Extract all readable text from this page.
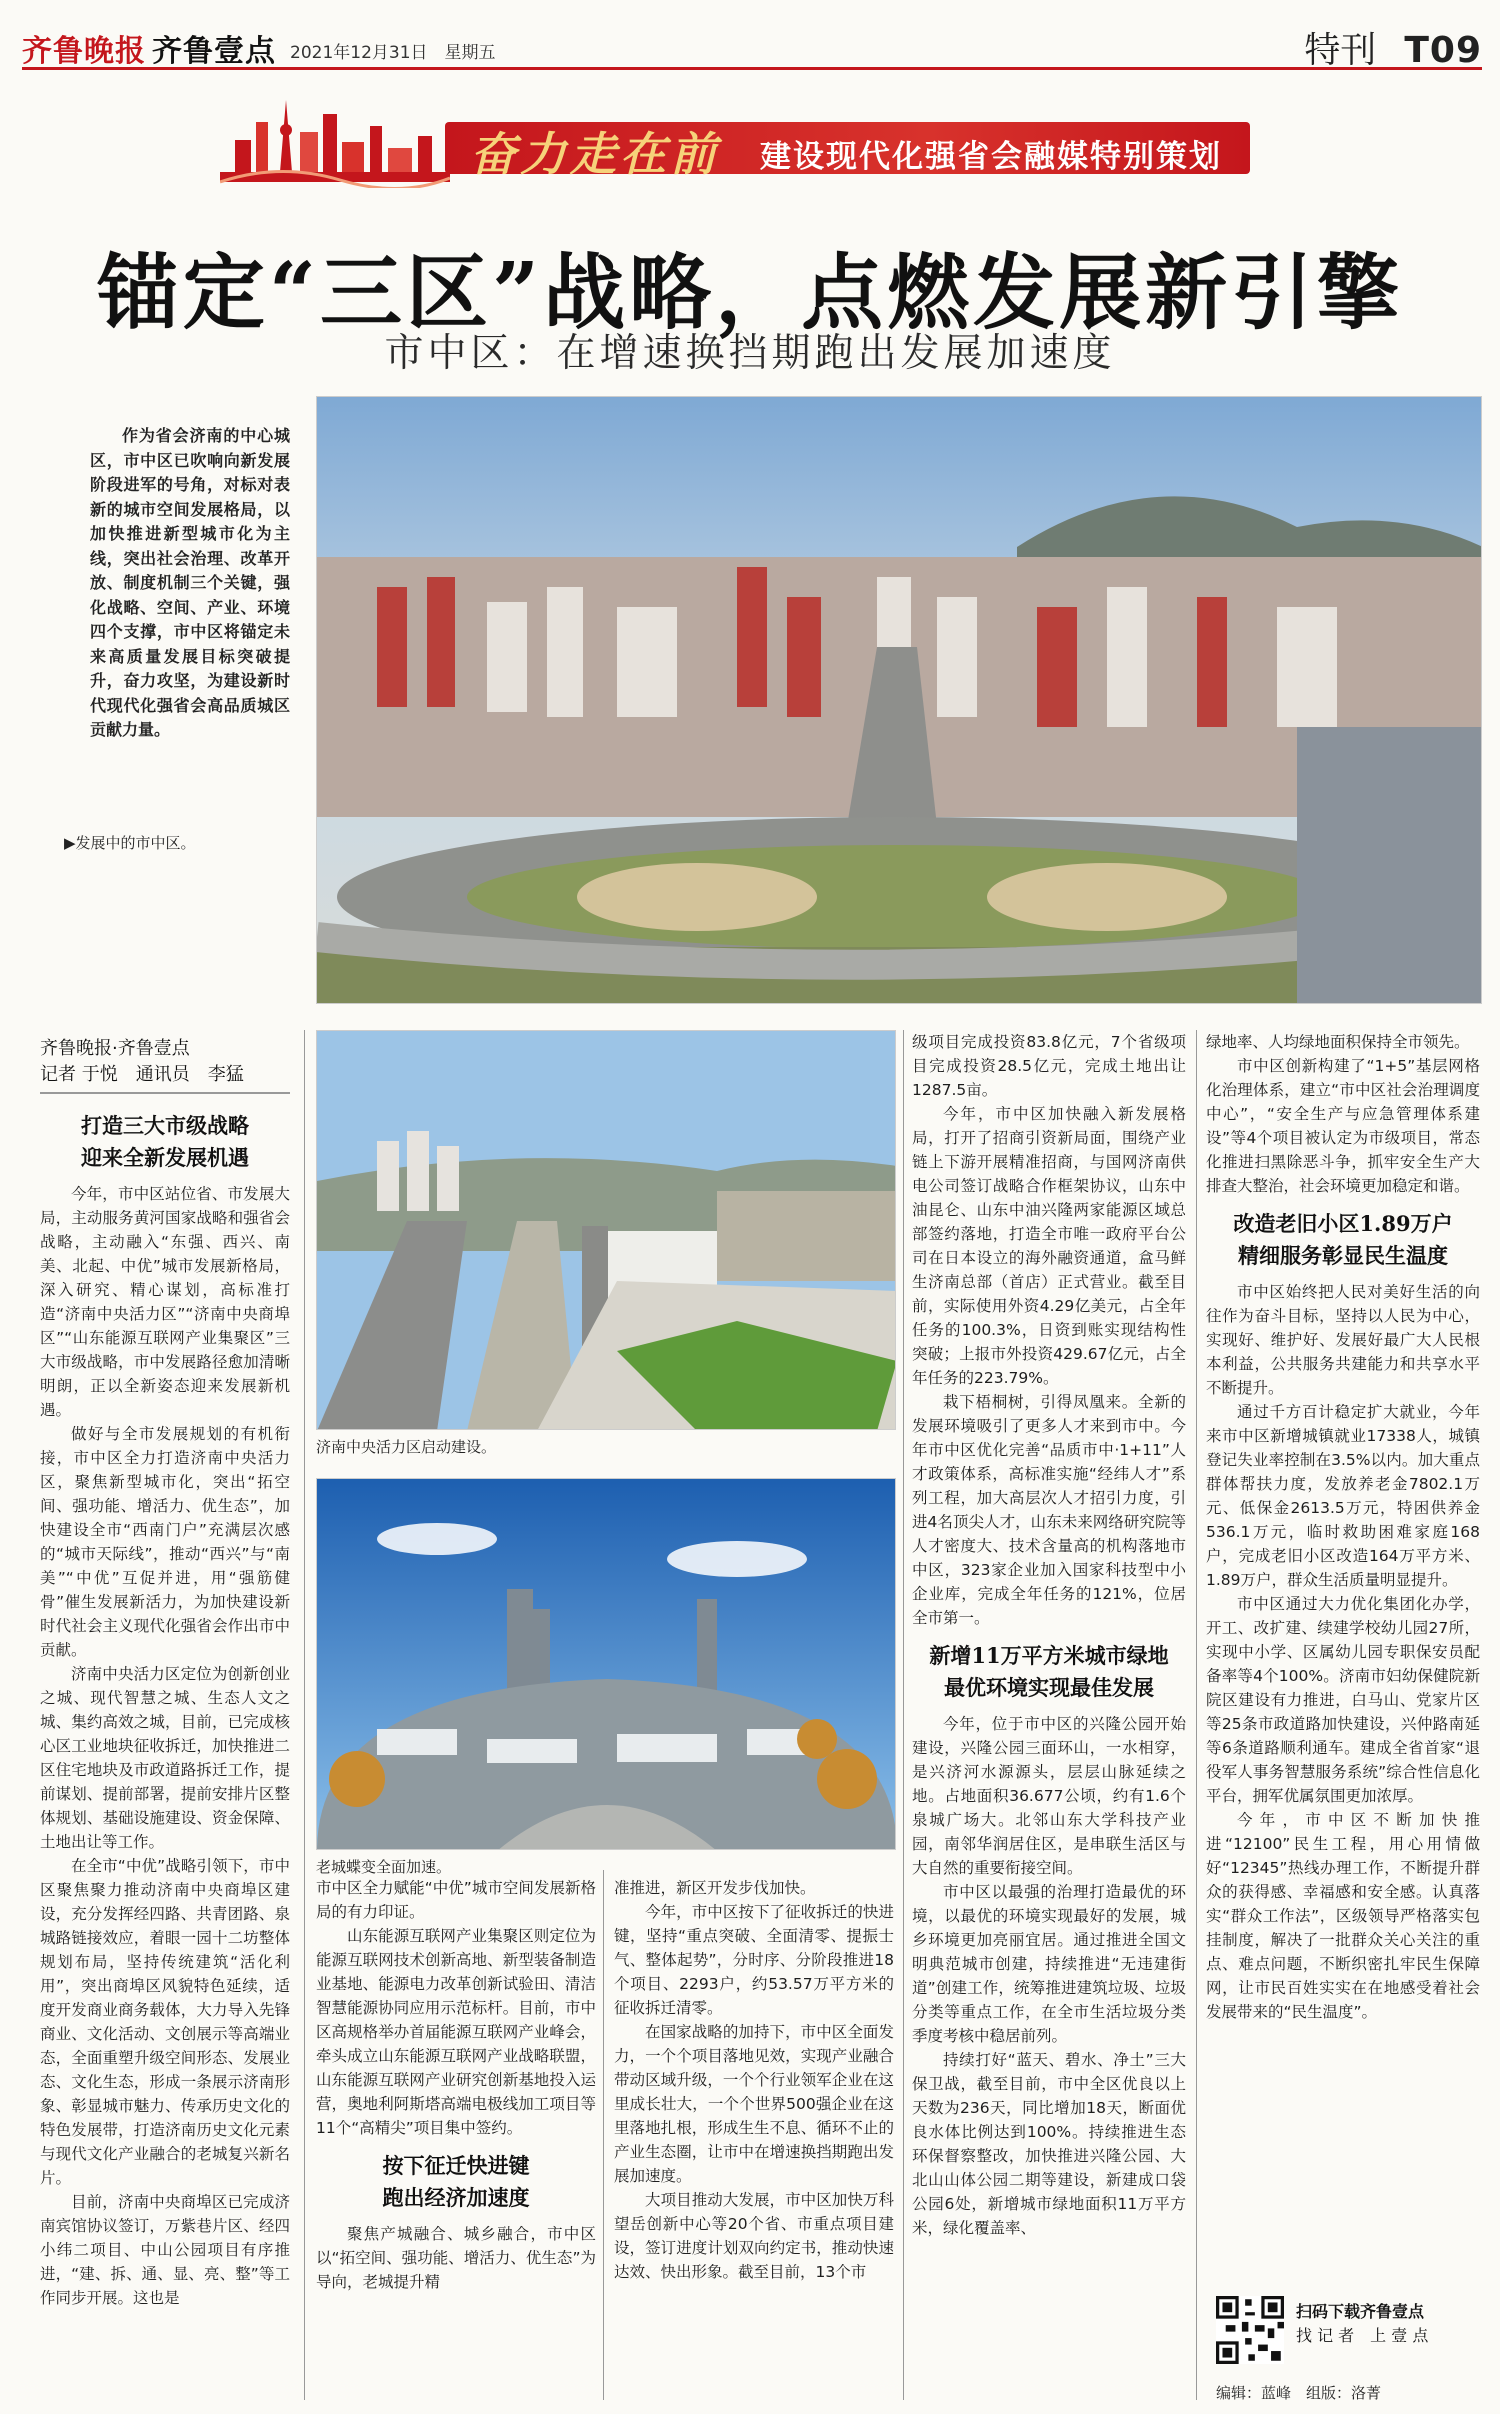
齐鲁晚报 齐鲁壹点 2021年12月31日　星期五	特刊 T09
奋力走在前 建设现代化强省会融媒特别策划
锚定“三区”战略，点燃发展新引擎
市中区：在增速换挡期跑出发展加速度
作为省会济南的中心城区，市中区已吹响向新发展阶段进军的号角，对标对表新的城市空间发展格局，以加快推进新型城市化为主线，突出社会治理、改革开放、制度机制三个关键，强化战略、空间、产业、环境四个支撑，市中区将锚定未来高质量发展目标突破提升，奋力攻坚，为建设新时代现代化强省会高品质城区贡献力量。
▶发展中的市中区。
齐鲁晚报·齐鲁壹点
记者 于悦　通讯员　李猛
打造三大市级战略
迎来全新发展机遇

今年，市中区站位省、市发展大局，主动服务黄河国家战略和强省会战略，主动融入“东强、西兴、南美、北起、中优”城市发展新格局，深入研究、精心谋划，高标准打造“济南中央活力区”“济南中央商埠区”“山东能源互联网产业集聚区”三大市级战略，市中发展路径愈加清晰明朗，正以全新姿态迎来发展新机遇。

做好与全市发展规划的有机衔接，市中区全力打造济南中央活力区，聚焦新型城市化，突出“拓空间、强功能、增活力、优生态”，加快建设全市“西南门户”充满层次感的“城市天际线”，推动“西兴”与“南美”“中优”互促并进，用“强筋健骨”催生发展新活力，为加快建设新时代社会主义现代化强省会作出市中贡献。

济南中央活力区定位为创新创业之城、现代智慧之城、生态人文之城、集约高效之城，目前，已完成核心区工业地块征收拆迁，加快推进二区住宅地块及市政道路拆迁工作，提前谋划、提前部署，提前安排片区整体规划、基础设施建设、资金保障、土地出让等工作。

在全市“中优”战略引领下，市中区聚焦聚力推动济南中央商埠区建设，充分发挥经四路、共青团路、泉城路链接效应，着眼一园十二坊整体规划布局，坚持传统建筑“活化利用”，突出商埠区风貌特色延续，适度开发商业商务载体，大力导入先锋商业、文化活动、文创展示等高端业态，全面重塑升级空间形态、发展业态、文化生态，形成一条展示济南形象、彰显城市魅力、传承历史文化的特色发展带，打造济南历史文化元素与现代文化产业融合的老城复兴新名片。

目前，济南中央商埠区已完成济南宾馆协议签订，万紫巷片区、经四小纬二项目、中山公园项目有序推进，“建、拆、通、显、亮、整”等工作同步开展。这也是

济南中央活力区启动建设。
老城蝶变全面加速。

市中区全力赋能“中优”城市空间发展新格局的有力印证。

山东能源互联网产业集聚区则定位为能源互联网技术创新高地、新型装备制造业基地、能源电力改革创新试验田、清洁智慧能源协同应用示范标杆。目前，市中区高规格举办首届能源互联网产业峰会，牵头成立山东能源互联网产业战略联盟，山东能源互联网产业研究创新基地投入运营，奥地利阿斯塔高端电极线加工项目等11个“高精尖”项目集中签约。

按下征迁快进键
跑出经济加速度

聚焦产城融合、城乡融合，市中区以“拓空间、强功能、增活力、优生态”为导向，老城提升精

准推进，新区开发步伐加快。

今年，市中区按下了征收拆迁的快进键，坚持“重点突破、全面清零、提振士气、整体起势”，分时序、分阶段推进18个项目、2293户，约53.57万平方米的征收拆迁清零。

在国家战略的加持下，市中区全面发力，一个个项目落地见效，实现产业融合带动区域升级，一个个行业领军企业在这里成长壮大，一个个世界500强企业在这里落地扎根，形成生生不息、循环不止的产业生态圈，让市中在增速换挡期跑出发展加速度。

大项目推动大发展，市中区加快万科望岳创新中心等20个省、市重点项目建设，签订进度计划双向约定书，推动快速达效、快出形象。截至目前，13个市

级项目完成投资83.8亿元，7个省级项目完成投资28.5亿元，完成土地出让1287.5亩。

今年，市中区加快融入新发展格局，打开了招商引资新局面，围绕产业链上下游开展精准招商，与国网济南供电公司签订战略合作框架协议，山东中油昆仑、山东中油兴隆两家能源区域总部签约落地，打造全市唯一政府平台公司在日本设立的海外融资通道，盒马鲜生济南总部（首店）正式营业。截至目前，实际使用外资4.29亿美元，占全年任务的100.3%，日资到账实现结构性突破；上报市外投资429.67亿元，占全年任务的223.79%。

栽下梧桐树，引得凤凰来。全新的发展环境吸引了更多人才来到市中。今年市中区优化完善“品质市中·1+11”人才政策体系，高标准实施“经纬人才”系列工程，加大高层次人才招引力度，引进4名顶尖人才，山东未来网络研究院等人才密度大、技术含量高的机构落地市中区，323家企业加入国家科技型中小企业库，完成全年任务的121%，位居全市第一。

新增11万平方米城市绿地
最优环境实现最佳发展

今年，位于市中区的兴隆公园开始建设，兴隆公园三面环山，一水相穿，是兴济河水源源头，层层山脉延续之地。占地面积36.677公顷，约有1.6个泉城广场大。北邻山东大学科技产业园，南邻华润居住区，是串联生活区与大自然的重要衔接空间。

市中区以最强的治理打造最优的环境，以最优的环境实现最好的发展，城乡环境更加亮丽宜居。通过推进全国文明典范城市创建，持续推进“无违建街道”创建工作，统筹推进建筑垃圾、垃圾分类等重点工作，在全市生活垃圾分类季度考核中稳居前列。

持续打好“蓝天、碧水、净土”三大保卫战，截至目前，市中全区优良以上天数为236天，同比增加18天，断面优良水体比例达到100%。持续推进生态环保督察整改，加快推进兴隆公园、大北山山体公园二期等建设，新建成口袋公园6处，新增城市绿地面积11万平方米，绿化覆盖率、

绿地率、人均绿地面积保持全市领先。

市中区创新构建了“1+5”基层网格化治理体系，建立“市中区社会治理调度中心”，“安全生产与应急管理体系建设”等4个项目被认定为市级项目，常态化推进扫黑除恶斗争，抓牢安全生产大排查大整治，社会环境更加稳定和谐。

改造老旧小区1.89万户
精细服务彰显民生温度

市中区始终把人民对美好生活的向往作为奋斗目标，坚持以人民为中心，实现好、维护好、发展好最广大人民根本利益，公共服务共建能力和共享水平不断提升。

通过千方百计稳定扩大就业，今年来市中区新增城镇就业17338人，城镇登记失业率控制在3.5%以内。加大重点群体帮扶力度，发放养老金7802.1万元、低保金2613.5万元，特困供养金536.1万元，临时救助困难家庭168户，完成老旧小区改造164万平方米、1.89万户，群众生活质量明显提升。

市中区通过大力优化集团化办学，开工、改扩建、续建学校幼儿园27所，实现中小学、区属幼儿园专职保安员配备率等4个100%。济南市妇幼保健院新院区建设有力推进，白马山、党家片区等25条市政道路加快建设，兴仲路南延等6条道路顺利通车。建成全省首家“退役军人事务智慧服务系统”综合性信息化平台，拥军优属氛围更加浓厚。

今年，市中区不断加快推进“12100”民生工程，用心用情做好“12345”热线办理工作，不断提升群众的获得感、幸福感和安全感。认真落实“群众工作法”，区级领导严格落实包挂制度，解决了一批群众关心关注的重点、难点问题，不断织密扎牢民生保障网，让市民百姓实实在在地感受着社会发展带来的“民生温度”。

扫码下载齐鲁壹点
找 记 者　上 壹 点
编辑：蓝峰　组版：洛菁
